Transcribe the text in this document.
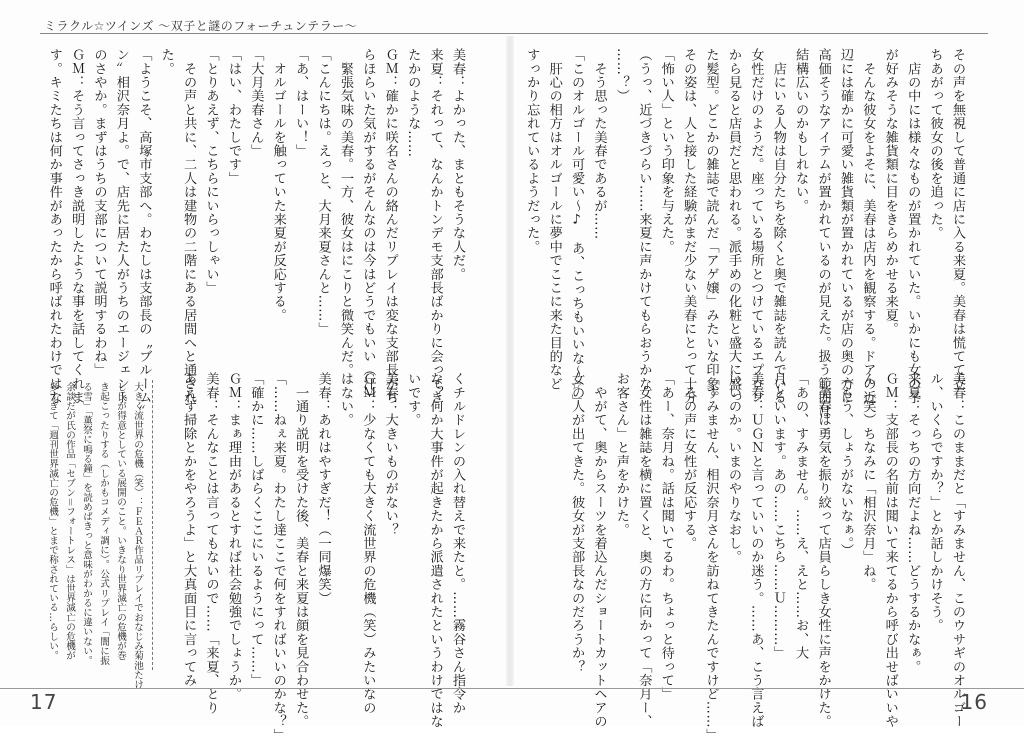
ミラクル☆ツインズ ～双子と謎のフォーチュンテラー～
その声を無視して普通に店に入る来夏。美春は慌てて立
ちあがって彼女の後を追った。
　店の中には様々なものが置かれていた。いかにも女の子
が好みそうな雑貨類に目をきらめかせる来夏。
　そんな彼女をよそに、美春は店内を観察する。ドアの近
辺には確かに可愛い雑貨類が置かれているが店の奥の方に
高価そうなアイテムが置かれているのが見えた。扱う範囲は
結構広いのかもしれない。
　店にいる人物は自分たちを除くと奥で雑誌を読んでいる
女性だけのようだ。座っている場所とつけているエプロン
から見ると店員だと思われる。派手めの化粧と盛大に盛っ
た髪型。どこかの雑誌で読んだ「アゲ嬢」みたいな印象。
その姿は、人と接した経験がまだ少ない美春にとって十分
「怖い人」という印象を与えた。
（うっ、近づきづらい……来夏に声かけてもらおうかな
……？）
　そう思った美春であるが……
「このオルゴール可愛い～♪　あ、こっちもいいな～☆」
　肝心の相方はオルゴールに夢中でここに来た目的など
すっかり忘れているようだった。
美春：このままだと「すみません、このウサギのオルゴー
ル、いくらですか？」とか話しかけそう。
来夏：そっちの方向だよね……どうするかなぁ。
ＧＭ：支部長の名前は聞いて来てるから呼び出せばいいや
ん（笑）ちなみに「相沢奈月」ね。
（もう、しょうがないなぁ。）
　美春は勇気を振り絞って店員らしき女性に声をかけた。
「あの、すみません。……え、えと……お、大
月といいます。あの……こちら……Ｕ………」
美春：ＵＧＮと言っていいのか迷う。……あ、こう言えば
いいのか。いまのやりなおし。
「すみません、相沢奈月さんを訪ねてきたんですけど……」
　その声に女性が反応する。
「あー、奈月ね。話は聞いてるわ。ちょっと待って」
　女性は雑誌を横に置くと、奥の方に向かって「奈月ー、
お客さん」と声をかけた。
　やがて、奥からスーツを着込んだショートカットヘアの
女の人が出てきた。彼女が支部長なのだろうか？
美春：よかった、まともそうな人だ。
来夏：それって、なんかトンデモ支部長ばかりに会ってき
たかのような……
ＧＭ：確かに咲名さんの絡んだリプレイは変な支部長がち
らほらいた気がするがそんなのは今はどうでもいい（汗）
　緊張気味の美春。一方、彼女はにこりと微笑んだ。
「こんにちは。えっと、大月来夏さんと……」
「あ、はーい！」
　オルゴールを触っていた来夏が反応する。
「大月美春さん」
「はい、わたしです」
「とりあえず、こちらにいらっしゃい」
　その声と共に、二人は建物の二階にある居間へと通され
た。
「ようこそ、高塚市支部へ。わたしは支部長の〝ブルーム〟
ン〟相沢奈月よ。で、店先に居た人がうちのエージェント
のさやか。まずはうちの支部について説明するわね」
ＧＭ：そう言ってさっき説明したような事を話してくれま
す。キミたちは何か事件があったから呼ばれたわけではな
くチルドレンの入れ替えで来たと。……霧谷さん指令か
な？何か大事件が起きたから派遣されたというわけではな
いです。
美春：大きいものがない？
ＧＭ：少なくても大きく流世界の危機（笑）みたいなの
はない。
美春：あれはやすぎだ！（一同爆笑）
　一通り説明を受けた後、美春と来夏は顔を見合わせた。
「……ねぇ来夏。わたし達ここで何をすればいいのかな？」
「確かに……しばらくここにいるようにって……」
ＧＭ：まぁ理由があるとすれば社会勉強でしょうか。
美春：そんなことは言ってもないので……「来夏、とり
あえず掃除とかをやろうよ」と大真面目に言ってみ
大きく流世界の危機（笑）：ＦＥＡＲ作品リプレイでおなじみ菊池たけ
し氏が得意としている展開のこと。いきなり世界滅亡の危機が巻
き起こったりする（しかもコメディ調に）。公式リプレイ「闇に振
る雪」「薫祭に鳴る鐘」を読めばきっと意味がわかるに違いない。
余談だが氏の作品「セブン＝フォートレス」は世界滅亡の危機が
多すぎて「週刊世界滅亡の危機」とまで称されている…らしい。
17	16
